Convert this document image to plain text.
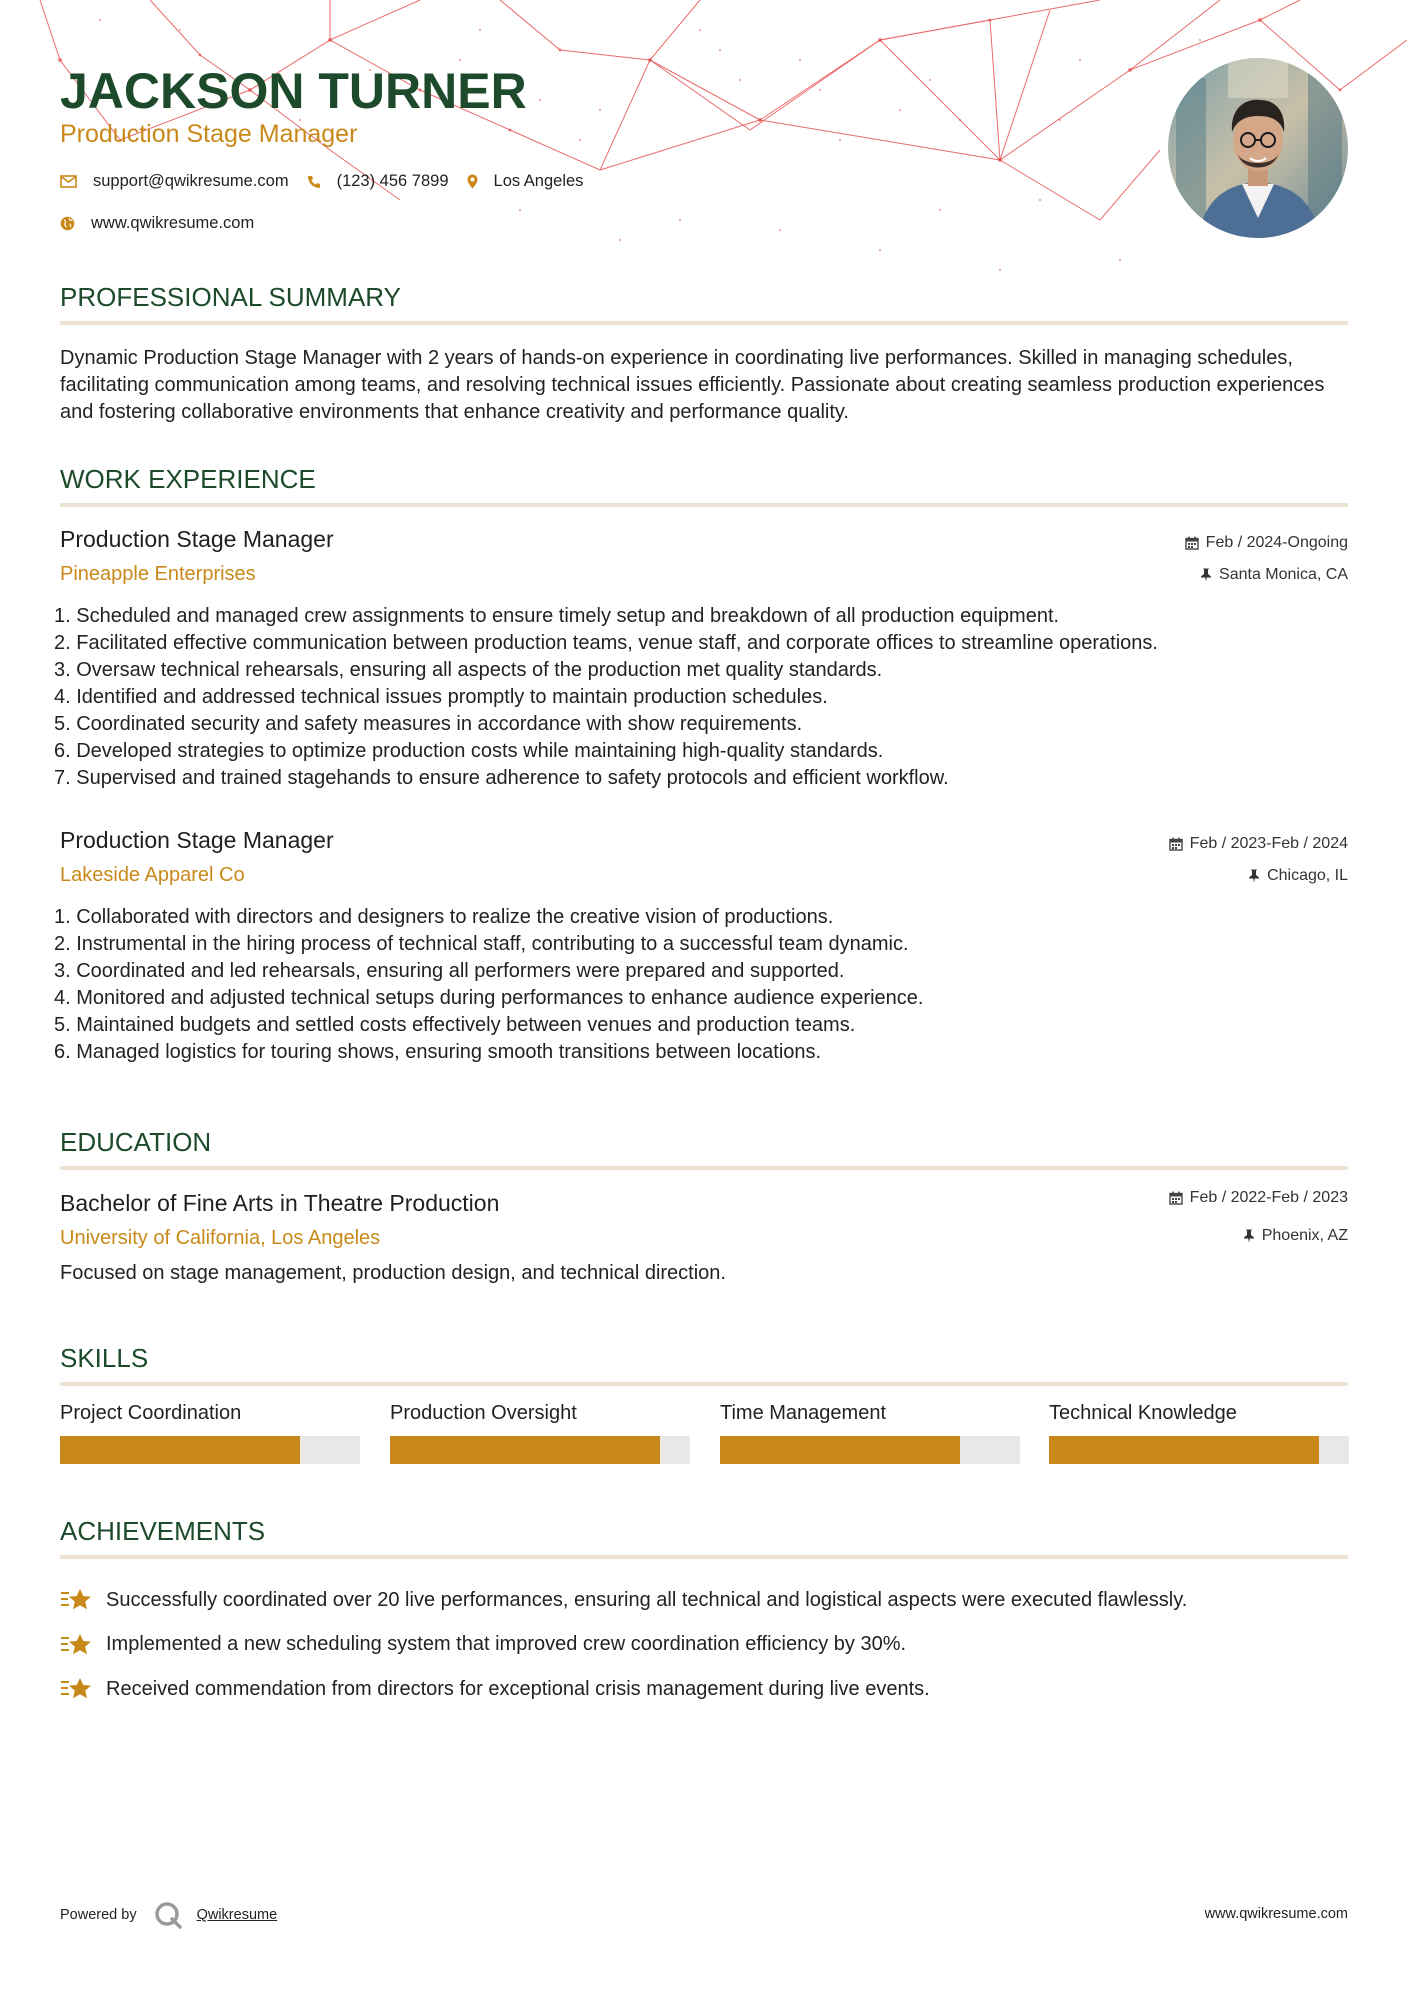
JACKSON TURNER
Production Stage Manager
support@qwikresume.com	(123) 456 7899	Los Angeles
www.qwikresume.com
PROFESSIONAL SUMMARY

Dynamic Production Stage Manager with 2 years of hands-on experience in coordinating live performances. Skilled in managing schedules, facilitating communication among teams, and resolving technical issues efficiently. Passionate about creating seamless production experiences and fostering collaborative environments that enhance creativity and performance quality.

WORK EXPERIENCE
Production Stage Manager
Pineapple Enterprises
Feb / 2024-Ongoing
Santa Monica, CA
1. Scheduled and managed crew assignments to ensure timely setup and breakdown of all production equipment.
2. Facilitated effective communication between production teams, venue staff, and corporate offices to streamline operations.
3. Oversaw technical rehearsals, ensuring all aspects of the production met quality standards.
4. Identified and addressed technical issues promptly to maintain production schedules.
5. Coordinated security and safety measures in accordance with show requirements.
6. Developed strategies to optimize production costs while maintaining high-quality standards.
7. Supervised and trained stagehands to ensure adherence to safety protocols and efficient workflow.
Production Stage Manager
Lakeside Apparel Co
Feb / 2023-Feb / 2024
Chicago, IL
1. Collaborated with directors and designers to realize the creative vision of productions.
2. Instrumental in the hiring process of technical staff, contributing to a successful team dynamic.
3. Coordinated and led rehearsals, ensuring all performers were prepared and supported.
4. Monitored and adjusted technical setups during performances to enhance audience experience.
5. Maintained budgets and settled costs effectively between venues and production teams.
6. Managed logistics for touring shows, ensuring smooth transitions between locations.
EDUCATION
Bachelor of Fine Arts in Theatre Production
University of California, Los Angeles
Feb / 2022-Feb / 2023
Phoenix, AZ
Focused on stage management, production design, and technical direction.
SKILLS
Project Coordination	Production Oversight	Time Management	Technical Knowledge
ACHIEVEMENTS
Successfully coordinated over 20 live performances, ensuring all technical and logistical aspects were executed flawlessly.
Implemented a new scheduling system that improved crew coordination efficiency by 30%.
Received commendation from directors for exceptional crisis management during live events.
Powered by	Qwikresume	www.qwikresume.com
